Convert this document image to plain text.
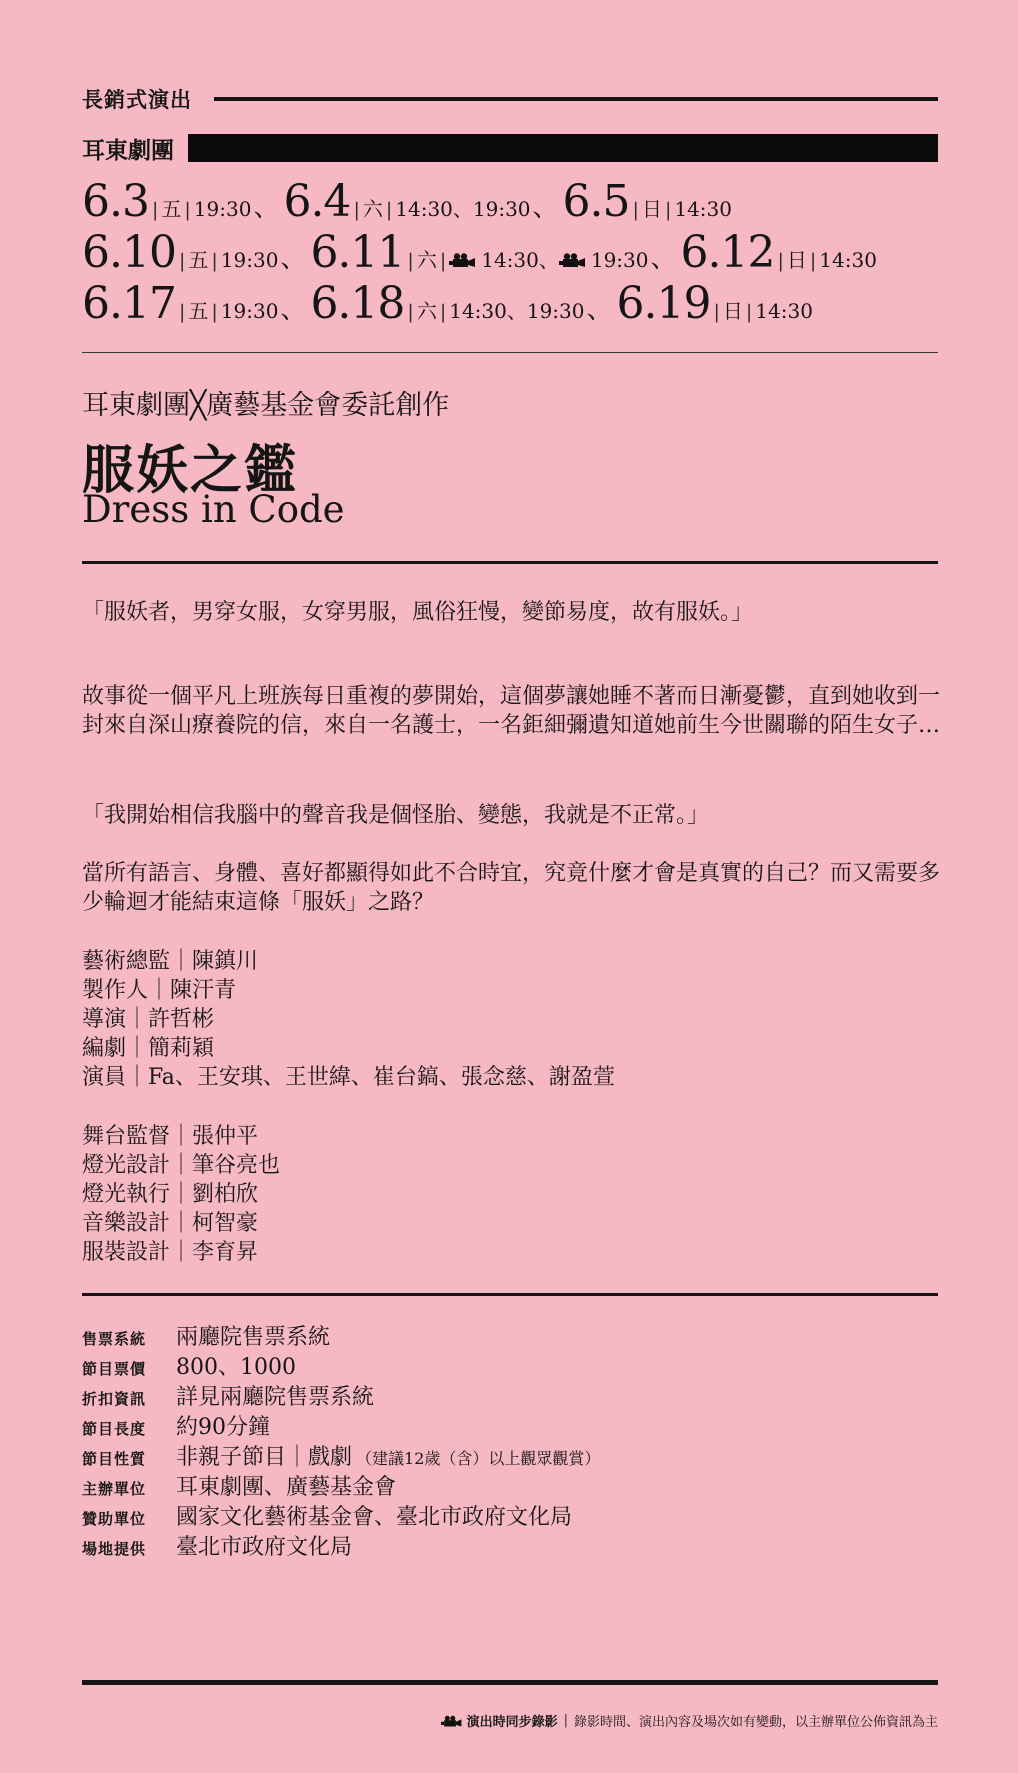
長銷式演出
耳東劇團
6.3 | 五 | 19:30 、 6.4 | 六 | 14:30、19:30 、 6.5 | 日 | 14:30
6.10 | 五 | 19:30 、 6.11 | 六 | 14:30 、 19:30 、 6.12 | 日 | 14:30
6.17 | 五 | 19:30 、 6.18 | 六 | 14:30、19:30 、 6.19 | 日 | 14:30
耳東劇團╳廣藝基金會委託創作
服妖之鑑
Dress in Code
「服妖者，男穿女服，女穿男服，風俗狂慢，變節易度，故有服妖。」
故事從一個平凡上班族每日重複的夢開始，這個夢讓她睡不著而日漸憂鬱，直到她收到一封來自深山療養院的信，來自一名護士，一名鉅細彌遺知道她前生今世關聯的陌生女子…
「我開始相信我腦中的聲音我是個怪胎、變態，我就是不正常。」
當所有語言、身體、喜好都顯得如此不合時宜，究竟什麼才會是真實的自己？而又需要多少輪迴才能結束這條「服妖」之路？
藝術總監｜陳鎮川
製作人｜陳汗青
導演｜許哲彬
編劇｜簡莉穎
演員｜Fa、王安琪、王世緯、崔台鎬、張念慈、謝盈萱
舞台監督｜張仲平
燈光設計｜筆谷亮也
燈光執行｜劉柏欣
音樂設計｜柯智豪
服裝設計｜李育昇
售票系統	兩廳院售票系統
節目票價	800、1000
折扣資訊	詳見兩廳院售票系統
節目長度	約90分鐘
節目性質	非親子節目｜戲劇 （建議12歲（含）以上觀眾觀賞）
主辦單位	耳東劇團、廣藝基金會
贊助單位	國家文化藝術基金會、臺北市政府文化局
場地提供	臺北市政府文化局
演出時同步錄影 | 錄影時間、演出內容及場次如有變動，以主辦單位公佈資訊為主
